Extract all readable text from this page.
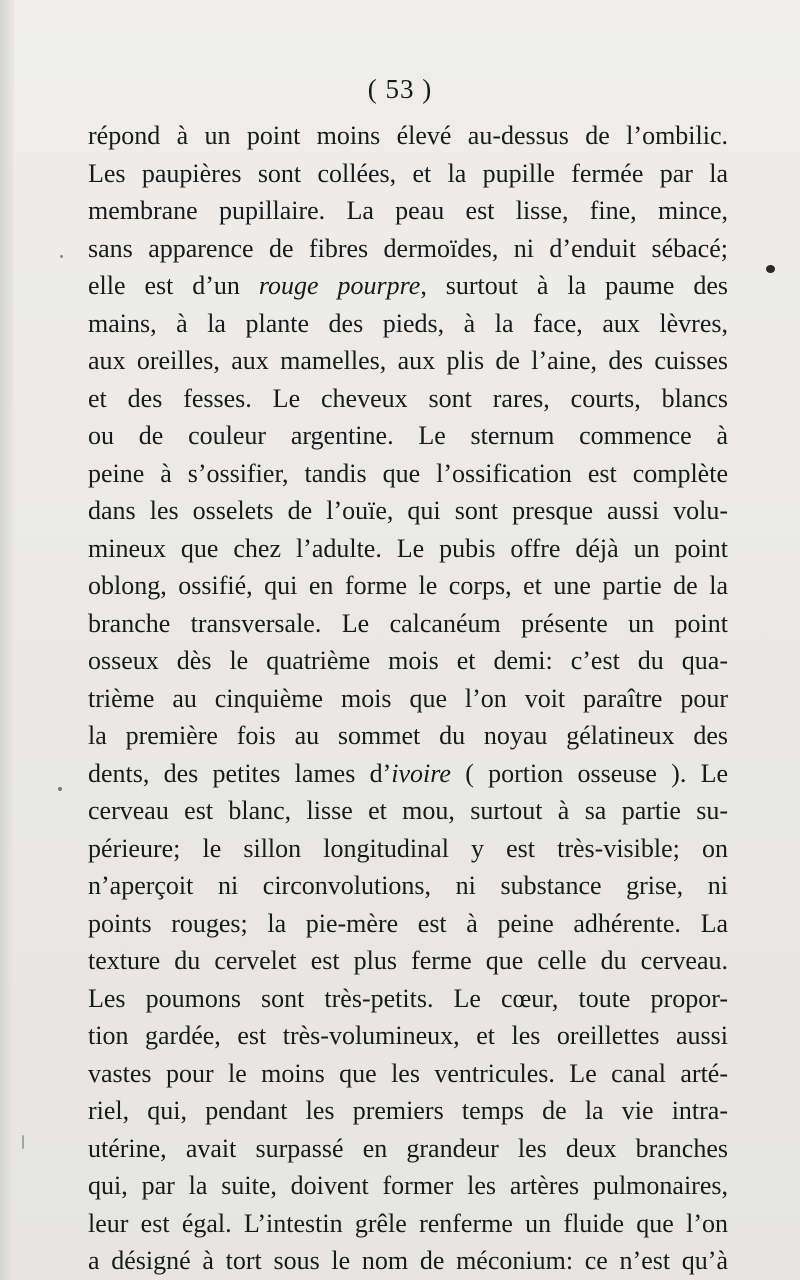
( 53 )
répond à un point moins élevé au-dessus de l’ombilic.
Les paupières sont collées, et la pupille fermée par la
membrane pupillaire. La peau est lisse, fine, mince,
sans apparence de fibres dermoïdes, ni d’enduit sébacé;
elle est d’un rouge pourpre, surtout à la paume des
mains, à la plante des pieds, à la face, aux lèvres,
aux oreilles, aux mamelles, aux plis de l’aine, des cuisses
et des fesses. Le cheveux sont rares, courts, blancs
ou de couleur argentine. Le sternum commence à
peine à s’ossifier, tandis que l’ossification est complète
dans les osselets de l’ouïe, qui sont presque aussi volu-
mineux que chez l’adulte. Le pubis offre déjà un point
oblong, ossifié, qui en forme le corps, et une partie de la
branche transversale. Le calcanéum présente un point
osseux dès le quatrième mois et demi: c’est du qua-
trième au cinquième mois que l’on voit paraître pour
la première fois au sommet du noyau gélatineux des
dents, des petites lames d’ivoire ( portion osseuse ). Le
cerveau est blanc, lisse et mou, surtout à sa partie su-
périeure; le sillon longitudinal y est très-visible; on
n’aperçoit ni circonvolutions, ni substance grise, ni
points rouges; la pie-mère est à peine adhérente. La
texture du cervelet est plus ferme que celle du cerveau.
Les poumons sont très-petits. Le cœur, toute propor-
tion gardée, est très-volumineux, et les oreillettes aussi
vastes pour le moins que les ventricules. Le canal arté-
riel, qui, pendant les premiers temps de la vie intra-
utérine, avait surpassé en grandeur les deux branches
qui, par la suite, doivent former les artères pulmonaires,
leur est égal. L’intestin grêle renferme un fluide que l’on
a désigné à tort sous le nom de méconium: ce n’est qu’à
